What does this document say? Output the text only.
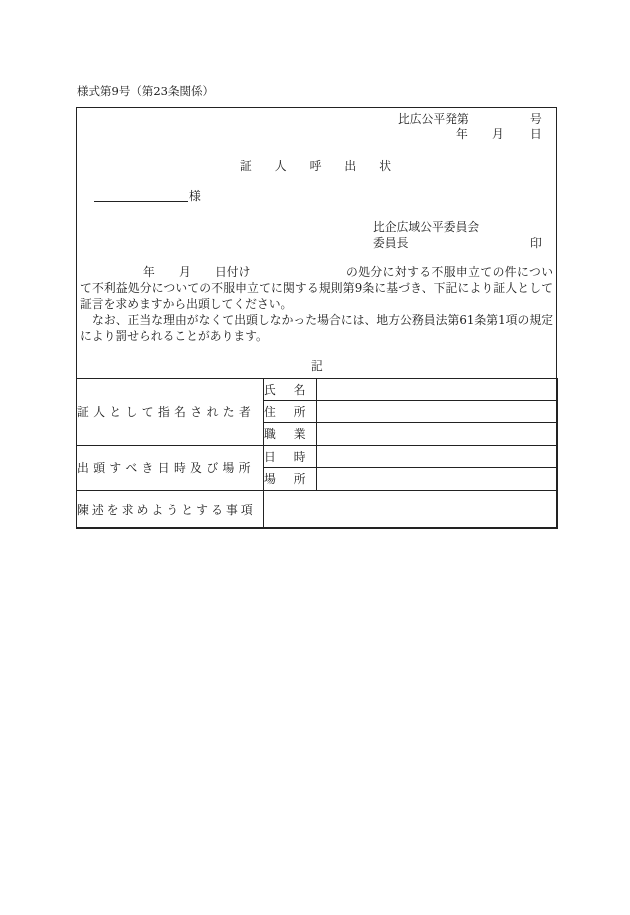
様式第9号（第23条関係）
比広公平発第	号
年 月 日
証人呼出状
様
比企広域公平委員会
委員長	印
年 月 日付け	の処分に対する不服申立ての件につい
て不利益処分についての不服申立てに関する規則第9条に基づき、下記により証人として
証言を求めますから出頭してください。
なお、正当な理由がなくて出頭しなかった場合には、地方公務員法第61条第1項の規定
により罰せられることがあります。
記
証人として指名された者	氏名	
	住所	
	職業	
出頭すべき日時及び場所	日時	
	場所	
陳述を求めようとする事項		
